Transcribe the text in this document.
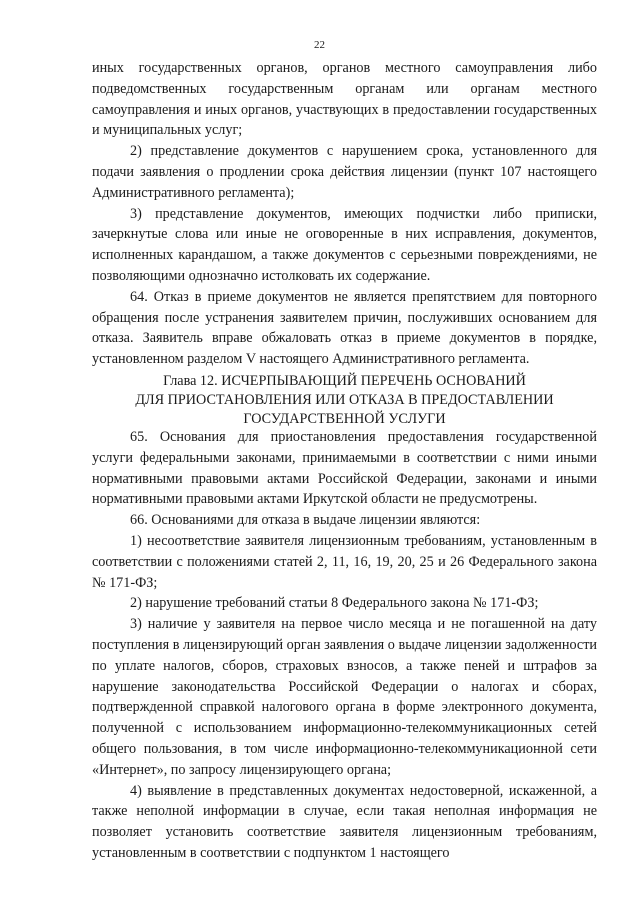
22

иных государственных органов, органов местного самоуправления либо подведомственных государственным органам или органам местного самоуправления и иных органов, участвующих в предоставлении государственных и муниципальных услуг;

2) представление документов с нарушением срока, установленного для подачи заявления о продлении срока действия лицензии (пункт 107 настоящего Административного регламента);

3) представление документов, имеющих подчистки либо приписки, зачеркнутые слова или иные не оговоренные в них исправления, документов, исполненных карандашом, а также документов с серьезными повреждениями, не позволяющими однозначно истолковать их содержание.

64. Отказ в приеме документов не является препятствием для повторного обращения после устранения заявителем причин, послуживших основанием для отказа. Заявитель вправе обжаловать отказ в приеме документов в порядке, установленном разделом V настоящего Административного регламента.

Глава 12. ИСЧЕРПЫВАЮЩИЙ ПЕРЕЧЕНЬ ОСНОВАНИЙ
ДЛЯ ПРИОСТАНОВЛЕНИЯ ИЛИ ОТКАЗА В ПРЕДОСТАВЛЕНИИ
ГОСУДАРСТВЕННОЙ УСЛУГИ

65. Основания для приостановления предоставления государственной услуги федеральными законами, принимаемыми в соответствии с ними иными нормативными правовыми актами Российской Федерации, законами и иными нормативными правовыми актами Иркутской области не предусмотрены.

66. Основаниями для отказа в выдаче лицензии являются:

1) несоответствие заявителя лицензионным требованиям, установленным в соответствии с положениями статей 2, 11, 16, 19, 20, 25 и 26 Федерального закона № 171-ФЗ;

2) нарушение требований статьи 8 Федерального закона № 171-ФЗ;

3) наличие у заявителя на первое число месяца и не погашенной на дату поступления в лицензирующий орган заявления о выдаче лицензии задолженности по уплате налогов, сборов, страховых взносов, а также пеней и штрафов за нарушение законодательства Российской Федерации о налогах и сборах, подтвержденной справкой налогового органа в форме электронного документа, полученной с использованием информационно-телекоммуникационных сетей общего пользования, в том числе информационно-телекоммуникационной сети «Интернет», по запросу лицензирующего органа;

4) выявление в представленных документах недостоверной, искаженной, а также неполной информации в случае, если такая неполная информация не позволяет установить соответствие заявителя лицензионным требованиям, установленным в соответствии с подпунктом 1 настоящего
